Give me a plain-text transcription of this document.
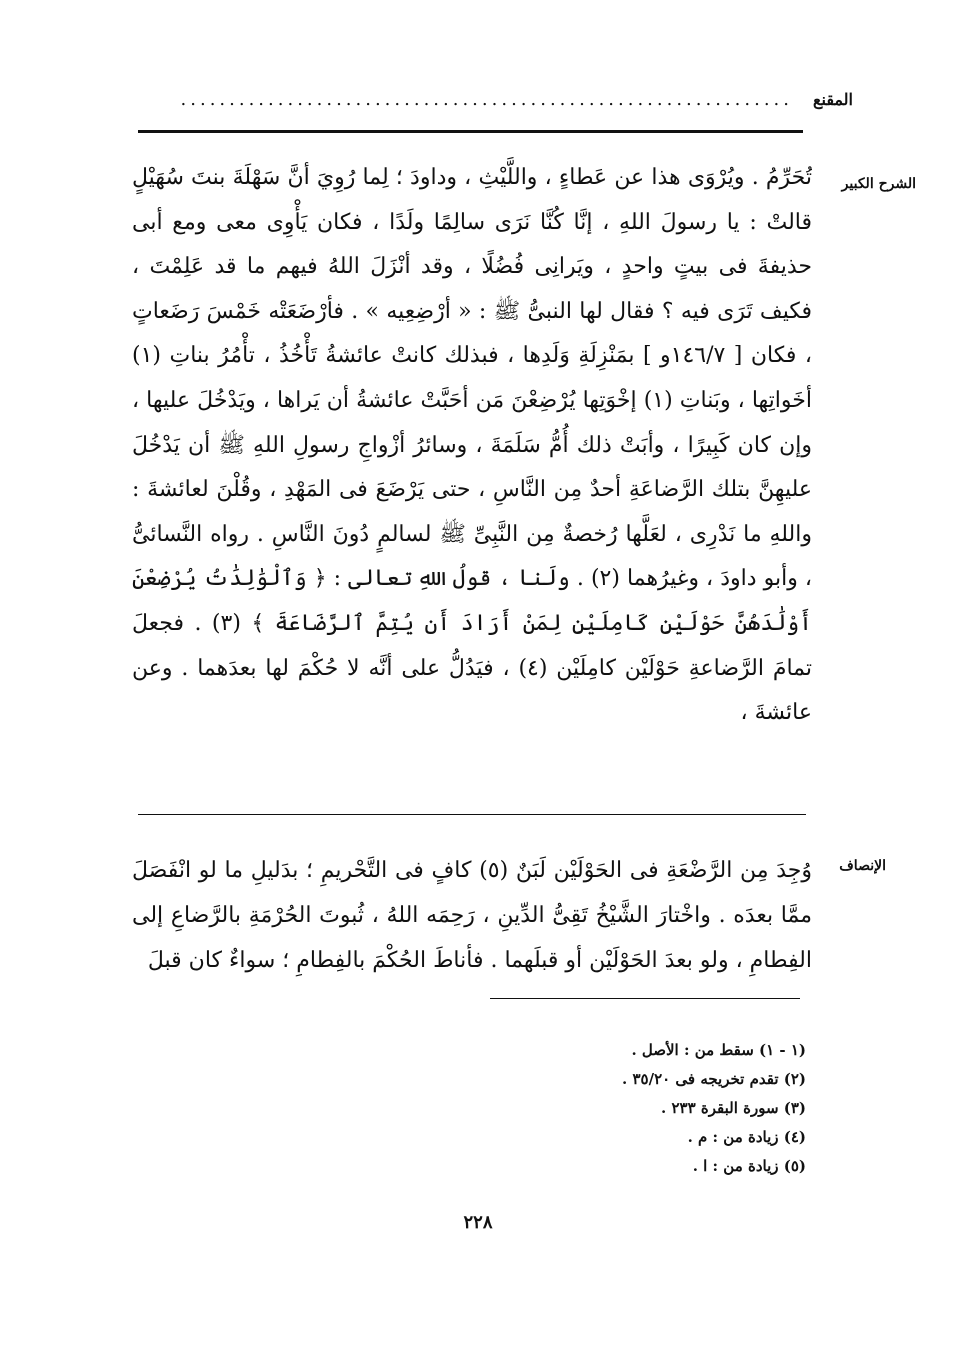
المقنع
...............................................................
الشرح الكبير

تُحَرِّمُ . ويُرْوَى هذا عن عَطاءٍ ، واللَّيْثِ ، وداودَ ؛ لِما رُوِيَ أنَّ سَهْلَةَ بنتَ سُهَيْلٍ قالتْ : يا رسولَ اللهِ ، إنَّا كُنَّا نَرَى سالِمًا ولَدًا ، فكان يَأْوِى معى ومع أبى حذيفةَ فى بيتٍ واحدٍ ، ويَرانِى فُضُلًا ، وقد أنْزَلَ اللهُ فيهم ما قد عَلِمْتَ ، فكيف تَرَى فيه ؟ فقال لها النبىُّ ﷺ : « أرْضِعِيه » . فأرْضَعَتْه خَمْسَ رَضَعاتٍ ، فكان [ ١٤٦/٧و ] بمَنْزِلَةِ وَلَدِها ، فبذلك كانتْ عائشةُ تَأْخُذُ ، تأْمُرُ بناتِ (١) أخَواتِها ، وبَناتِ (١) إخْوَتِها يُرْضِعْنَ مَن أحَبَّتْ عائشةُ أن يَراها ، ويَدْخُلَ عليها ، وإن كان كَبِيرًا ، وأبَتْ ذلك أُمُّ سَلَمَةَ ، وسائرُ أزْواجِ رسولِ اللهِ ﷺ أن يَدْخُلَ عليهِنَّ بتلك الرَّضاعَةِ أحدٌ مِن النَّاسِ ، حتى يَرْضَعَ فى المَهْدِ ، وقُلْنَ لعائشةَ : واللهِ ما نَدْرِى ، لعَلَّها رُخصةٌ مِن النَّبِىِّ ﷺ لسالمٍ دُونَ النَّاسِ . رواه النَّسائىُّ ، وأبو داودَ ، وغيرُهما (٢) . ولَنا ، قولُ اللهِ تعالى : ﴿ وَٱلْوَٰلِدَٰتُ يُرْضِعْنَ أَوْلَٰدَهُنَّ حَوْلَيْنِ كَامِلَيْنِ لِمَنْ أَرَادَ أَن يُتِمَّ ٱلرَّضَاعَةَ ﴾ (٣) . فجعلَ تمامَ الرَّضاعةِ حَوْلَيْن كامِلَيْن (٤) ، فيَدُلُّ على أنَّه لا حُكْمَ لها بعدَهما . وعن عائشةَ ،

الإنصاف

وُجِدَ مِن الرَّضْعَةِ فى الحَوْلَيْن لَبَنٌ (٥) كافٍ فى التَّحْريمِ ؛ بدَليلِ ما لو انْفَصَلَ ممَّا بعدَه . واخْتارَ الشَّيْخُ تَقِىُّ الدِّينِ ، رَحِمَه اللهُ ، ثُبوتَ الحُرْمَةِ بالرَّضاعِ إلى الفِطامِ ، ولو بعدَ الحَوْلَيْن أو قبلَهما . فأناطَ الحُكْمَ بالفِطامِ ؛ سواءٌ كان قبلَ

(١ - ١) سقط من : الأصل .
(٢) تقدم تخريجه فى ٣٥/٢٠ .
(٣) سورة البقرة ٢٣٣ .
(٤) زيادة من : م .
(٥) زيادة من : ا .
٢٢٨
